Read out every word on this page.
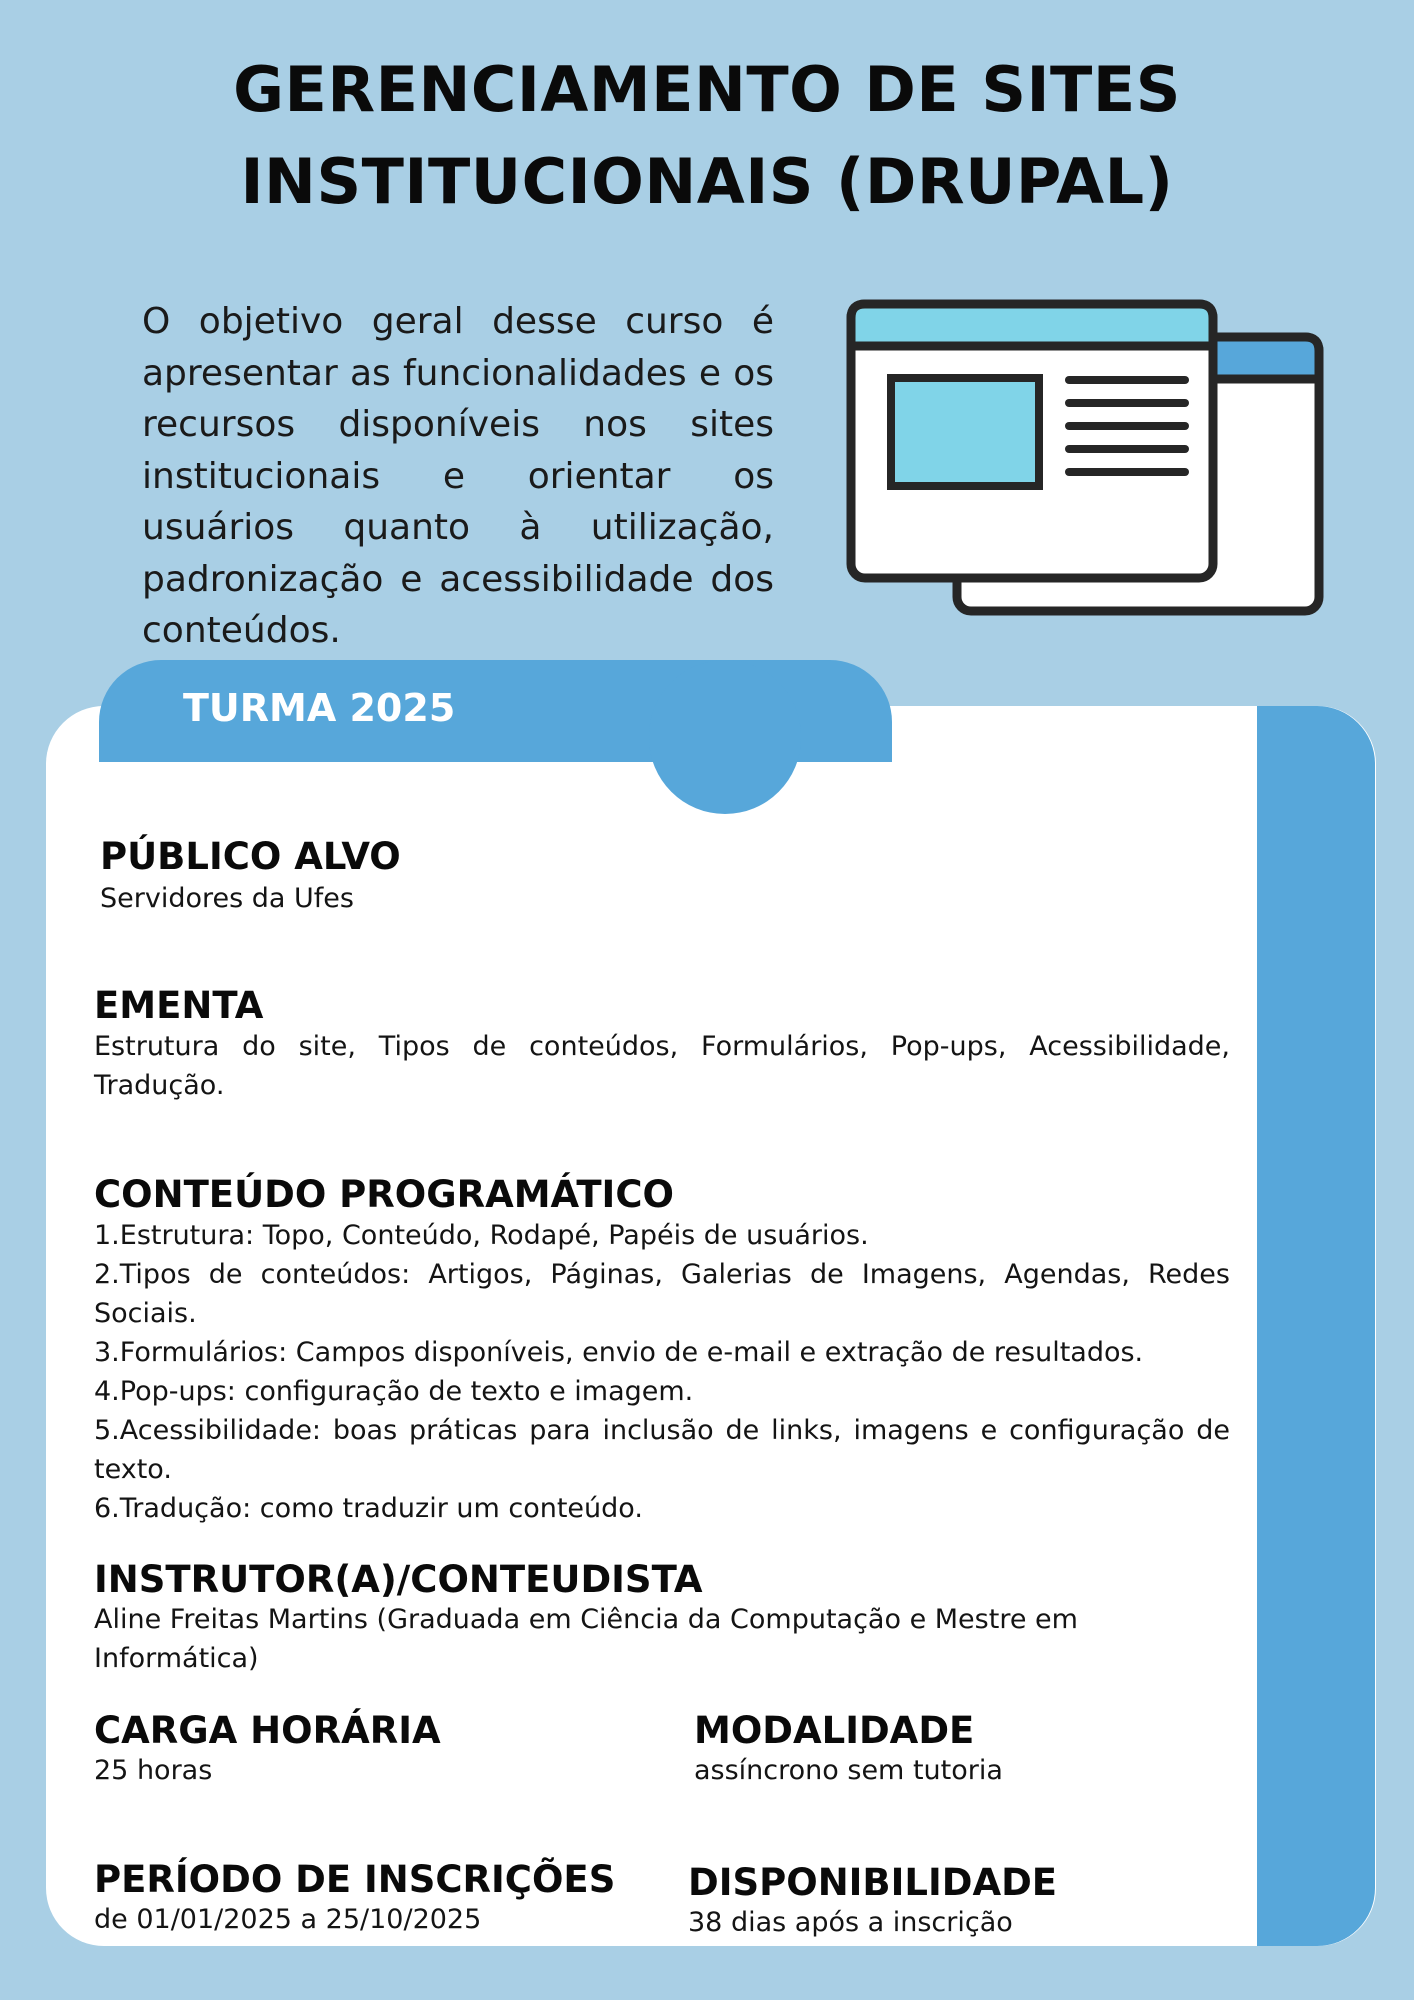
GERENCIAMENTO DE SITES
INSTITUCIONAIS (DRUPAL)

O objetivo geral desse curso é apresentar as funcionalidades e os recursos disponíveis nos sites institucionais e orientar os usuários quanto à utilização, padronização e acessibilidade dos conteúdos.

TURMA 2025
PÚBLICO ALVO
Servidores da Ufes
EMENTA
Estrutura do site, Tipos de conteúdos, Formulários, Pop-ups, Acessibilidade, Tradução.
CONTEÚDO PROGRAMÁTICO
1.Estrutura: Topo, Conteúdo, Rodapé, Papéis de usuários.
2.Tipos de conteúdos: Artigos, Páginas, Galerias de Imagens, Agendas, Redes Sociais.
3.Formulários: Campos disponíveis, envio de e-mail e extração de resultados.
4.Pop-ups: configuração de texto e imagem.
5.Acessibilidade: boas práticas para inclusão de links, imagens e configuração de texto.
6.Tradução: como traduzir um conteúdo.
INSTRUTOR(A)/CONTEUDISTA
Aline Freitas Martins (Graduada em Ciência da Computação e Mestre em Informática)
CARGA HORÁRIA
25 horas
MODALIDADE
assíncrono sem tutoria
PERÍODO DE INSCRIÇÕES
de 01/01/2025 a 25/10/2025
DISPONIBILIDADE
38 dias após a inscrição
